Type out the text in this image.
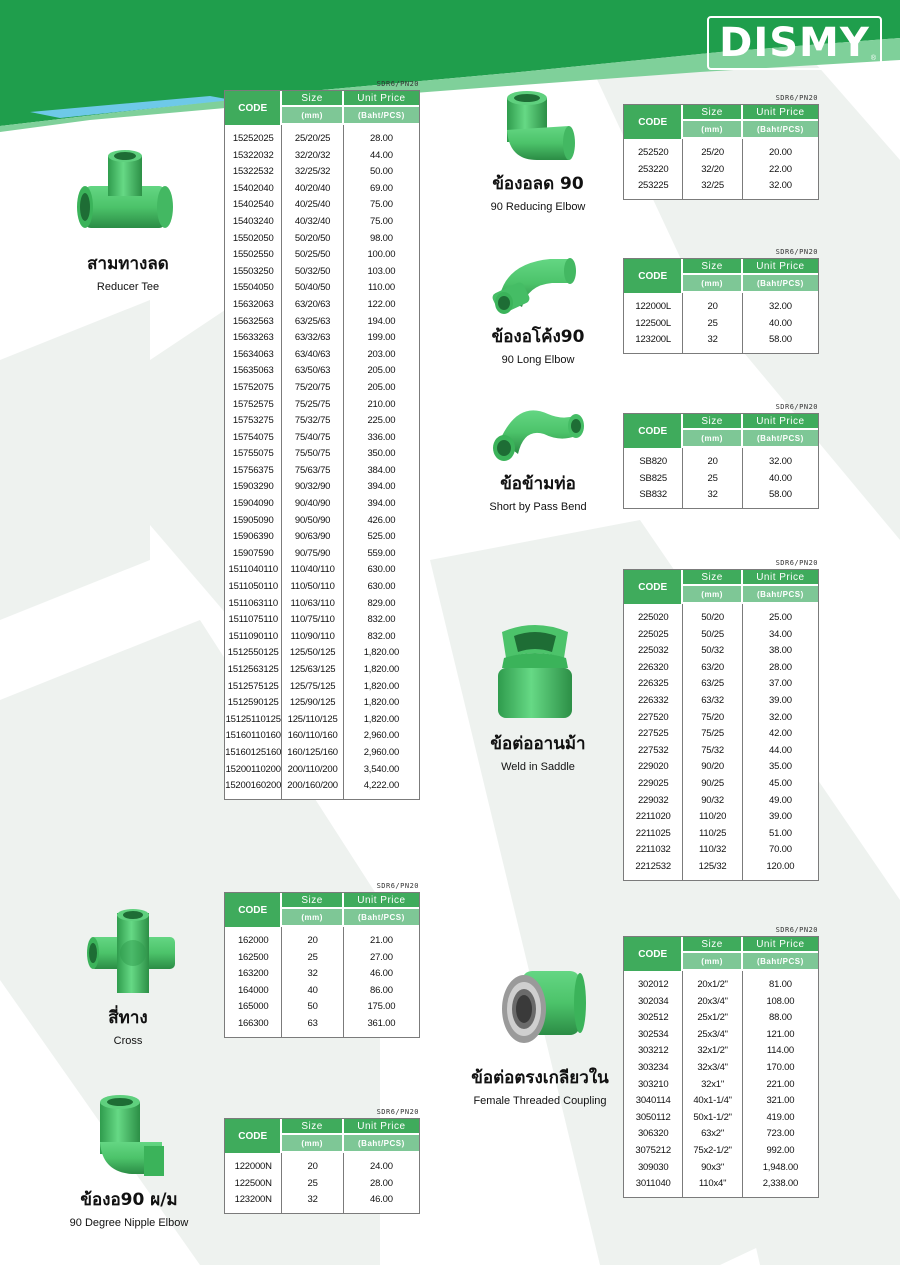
DISMY ®
สามทางลด
Reducer Tee
สี่ทาง
Cross
ข้องอ90 ผ/ม
90 Degree Nipple Elbow
ข้องอลด 90
90 Reducing Elbow
ข้องอโค้ง90
90 Long Elbow
ข้อข้ามท่อ
Short by Pass Bend
ข้อต่ออานม้า
Weld in Saddle
ข้อต่อตรงเกลียวใน
Female Threaded Coupling
SDR6/PN20
CODE
Size
(mm)
Unit Price
(Baht/PCS)
15252025
15322032
15322532
15402040
15402540
15403240
15502050
15502550
15503250
15504050
15632063
15632563
15633263
15634063
15635063
15752075
15752575
15753275
15754075
15755075
15756375
15903290
15904090
15905090
15906390
15907590
1511040110
1511050110
1511063110
1511075110
1511090110
1512550125
1512563125
1512575125
1512590125
15125110125
15160110160
15160125160
15200110200
15200160200
25/20/25
32/20/32
32/25/32
40/20/40
40/25/40
40/32/40
50/20/50
50/25/50
50/32/50
50/40/50
63/20/63
63/25/63
63/32/63
63/40/63
63/50/63
75/20/75
75/25/75
75/32/75
75/40/75
75/50/75
75/63/75
90/32/90
90/40/90
90/50/90
90/63/90
90/75/90
110/40/110
110/50/110
110/63/110
110/75/110
110/90/110
125/50/125
125/63/125
125/75/125
125/90/125
125/110/125
160/110/160
160/125/160
200/110/200
200/160/200
28.00
44.00
50.00
69.00
75.00
75.00
98.00
100.00
103.00
110.00
122.00
194.00
199.00
203.00
205.00
205.00
210.00
225.00
336.00
350.00
384.00
394.00
394.00
426.00
525.00
559.00
630.00
630.00
829.00
832.00
832.00
1,820.00
1,820.00
1,820.00
1,820.00
1,820.00
2,960.00
2,960.00
3,540.00
4,222.00
SDR6/PN20
CODE
Size
(mm)
Unit Price
(Baht/PCS)
162000
162500
163200
164000
165000
166300
20
25
32
40
50
63
21.00
27.00
46.00
86.00
175.00
361.00
SDR6/PN20
CODE
Size
(mm)
Unit Price
(Baht/PCS)
122000N
122500N
123200N
20
25
32
24.00
28.00
46.00
SDR6/PN20
CODE
Size
(mm)
Unit Price
(Baht/PCS)
252520
253220
253225
25/20
32/20
32/25
20.00
22.00
32.00
SDR6/PN20
CODE
Size
(mm)
Unit Price
(Baht/PCS)
122000L
122500L
123200L
20
25
32
32.00
40.00
58.00
SDR6/PN20
CODE
Size
(mm)
Unit Price
(Baht/PCS)
SB820
SB825
SB832
20
25
32
32.00
40.00
58.00
SDR6/PN20
CODE
Size
(mm)
Unit Price
(Baht/PCS)
225020
225025
225032
226320
226325
226332
227520
227525
227532
229020
229025
229032
2211020
2211025
2211032
2212532
50/20
50/25
50/32
63/20
63/25
63/32
75/20
75/25
75/32
90/20
90/25
90/32
110/20
110/25
110/32
125/32
25.00
34.00
38.00
28.00
37.00
39.00
32.00
42.00
44.00
35.00
45.00
49.00
39.00
51.00
70.00
120.00
SDR6/PN20
CODE
Size
(mm)
Unit Price
(Baht/PCS)
302012
302034
302512
302534
303212
303234
303210
3040114
3050112
306320
3075212
309030
3011040
20x1/2"
20x3/4"
25x1/2"
25x3/4"
32x1/2"
32x3/4"
32x1"
40x1-1/4"
50x1-1/2"
63x2"
75x2-1/2"
90x3"
110x4"
81.00
108.00
88.00
121.00
114.00
170.00
221.00
321.00
419.00
723.00
992.00
1,948.00
2,338.00
